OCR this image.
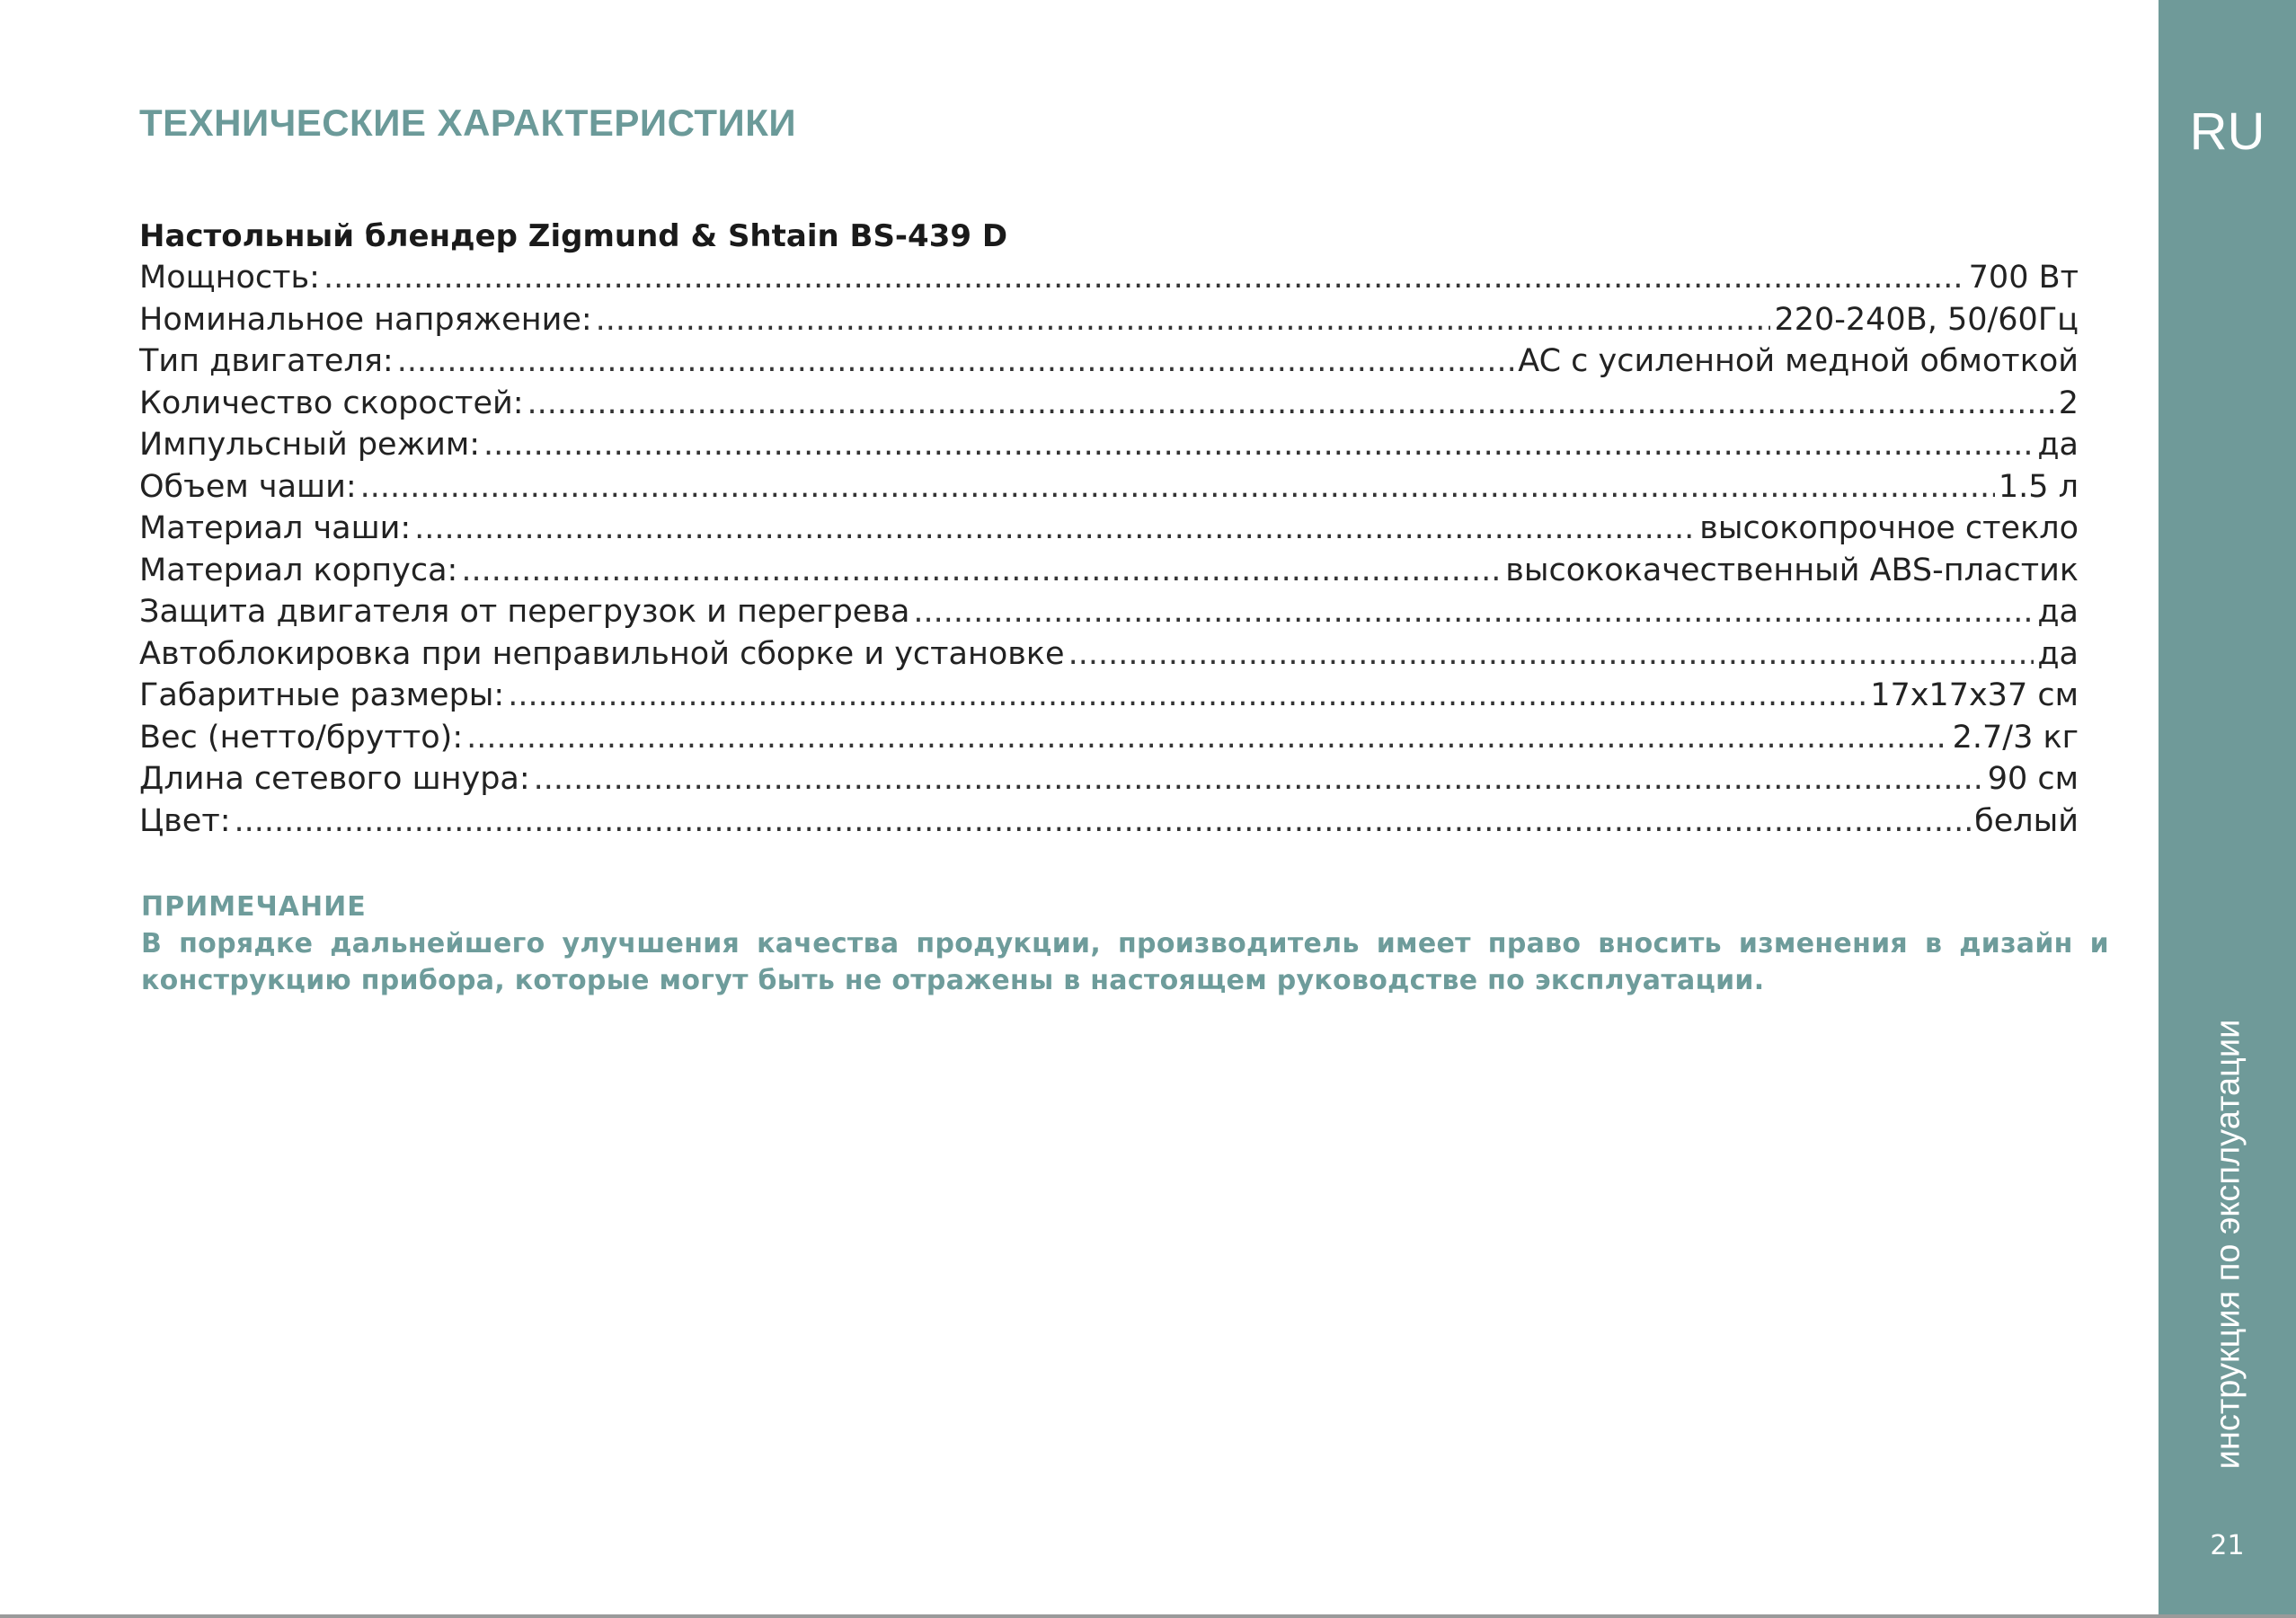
ТЕХНИЧЕСКИЕ ХАРАКТЕРИСТИКИ
Настольный блендер Zigmund & Shtain BS-439 D
Мощность: .....	700 Вт
Номинальное напряжение: .....	220-240В, 50/60Гц
Тип двигателя: .....	AC с усиленной медной обмоткой
Количество скоростей: .....	2
Импульсный режим: .....	да
Объем чаши: .....	1.5 л
Материал чаши: .....	высокопрочное стекло
Материал корпуса: .....	высококачественный ABS-пластик
Защита двигателя от перегрузок и перегрева .....	да
Автоблокировка при неправильной сборке и установке .....	да
Габаритные размеры: .....	17x17x37 см
Вес (нетто/брутто): .....	2.7/3 кг
Длина сетевого шнура: .....	90 см
Цвет: .....	белый
ПРИМЕЧАНИЕ
В порядке дальнейшего улучшения качества продукции, производитель имеет право вносить изменения в дизайн и конструкцию прибора, которые могут быть не отражены в настоящем руководстве по эксплуатации.
RU
инструкция по эксплуатации
21
